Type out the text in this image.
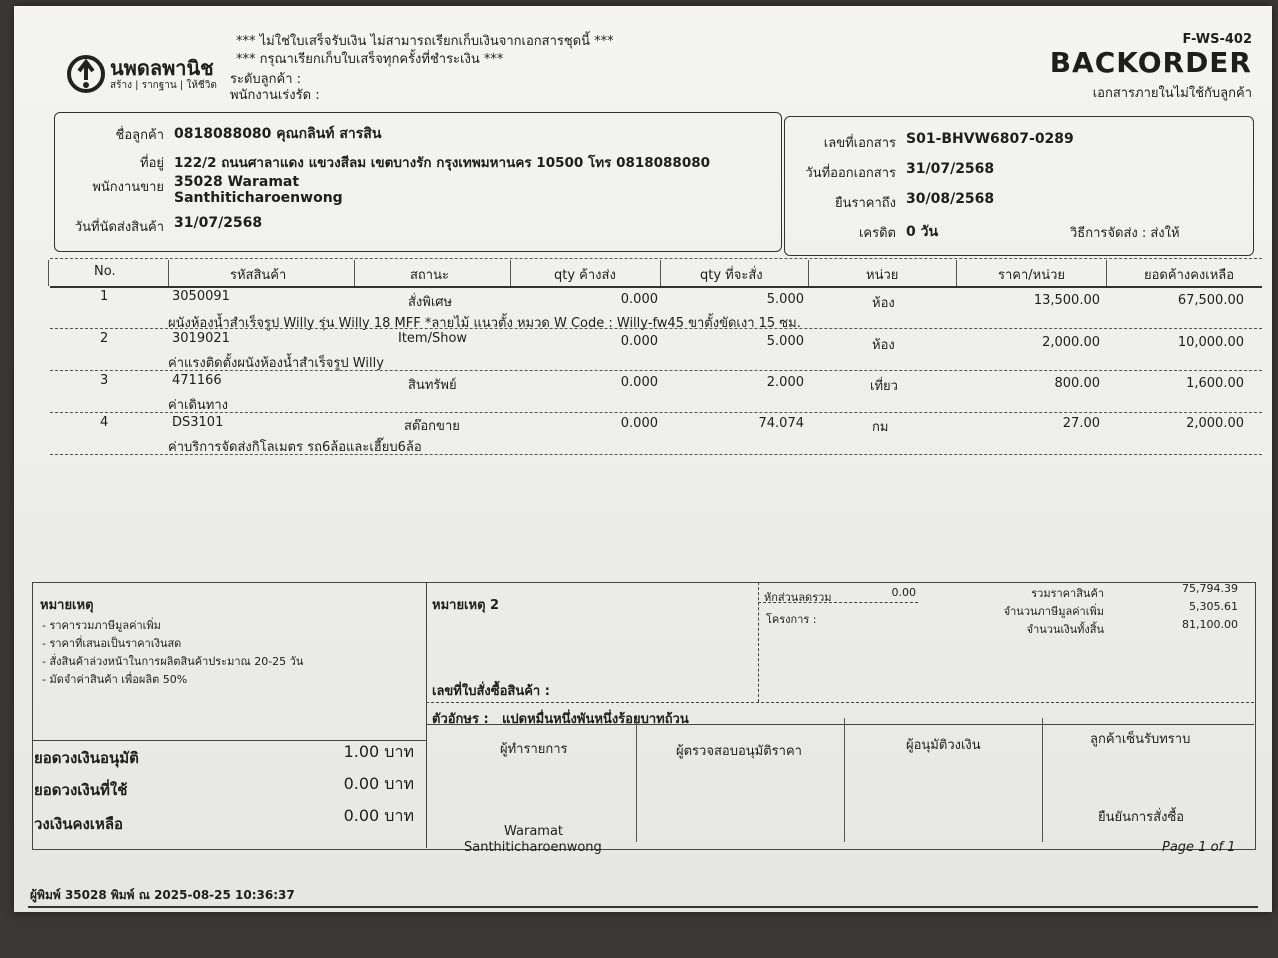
นพดลพานิช
สร้าง | รากฐาน | ให้ชีวิต
*** ไม่ใช่ใบเสร็จรับเงิน ไม่สามารถเรียกเก็บเงินจากเอกสารชุดนี้ ***
*** กรุณาเรียกเก็บใบเสร็จทุกครั้งที่ชำระเงิน ***
ระดับลูกค้า :
พนักงานเร่งรัด :
F-WS-402
BACKORDER
เอกสารภายในไม่ใช้กับลูกค้า
ชื่อลูกค้า 0818088080 คุณกลินท์ สารสิน
ที่อยู่ 122/2 ถนนศาลาแดง แขวงสีลม เขตบางรัก กรุงเทพมหานคร 10500 โทร 0818088080
พนักงานขาย 35028 Waramat
Santhiticharoenwong
วันที่นัดส่งสินค้า 31/07/2568
เลขที่เอกสาร S01-BHVW6807-0289
วันที่ออกเอกสาร 31/07/2568
ยืนราคาถึง 30/08/2568
เครดิต 0 วัน	วิธีการจัดส่ง : ส่งให้
No.	รหัสสินค้า	สถานะ	qty ค้างส่ง	qty ที่จะสั่ง	หน่วย	ราคา/หน่วย	ยอดค้างคงเหลือ
1	3050091	สั่งพิเศษ	0.000	5.000	ห้อง	13,500.00	67,500.00
ผนังห้องน้ำสำเร็จรูป Willy รุ่น Willy 18 MFF *ลายไม้ แนวตั้ง หมวด W Code : Willy-fw45 ขาตั้งขัดเงา 15 ซม.
2	3019021	Item/Show	0.000	5.000	ห้อง	2,000.00	10,000.00
ค่าแรงติดตั้งผนังห้องน้ำสำเร็จรูป Willy
3	471166	สินทรัพย์	0.000	2.000	เที่ยว	800.00	1,600.00
ค่าเดินทาง
4	DS3101	สต๊อกขาย	0.000	74.074	กม	27.00	2,000.00
ค่าบริการจัดส่งกิโลเมตร รถ6ล้อและเฮี๊ยบ6ล้อ
หมายเหตุ
- ราคารวมภาษีมูลค่าเพิ่ม
- ราคาที่เสนอเป็นราคาเงินสด
- สั่งสินค้าล่วงหน้าในการผลิตสินค้าประมาณ 20-25 วัน
- มัดจำค่าสินค้า เพื่อผลิต 50%
หมายเหตุ 2
เลขที่ใบสั่งซื้อสินค้า :
หักส่วนลดรวม	0.00
โครงการ :
รวมราคาสินค้า	75,794.39
จำนวนภาษีมูลค่าเพิ่ม	5,305.61
จำนวนเงินทั้งสิ้น	81,100.00
ตัวอักษร : แปดหมื่นหนึ่งพันหนึ่งร้อยบาทถ้วน
ยอดวงเงินอนุมัติ	1.00 บาท
ยอดวงเงินที่ใช้	0.00 บาท
วงเงินคงเหลือ	0.00 บาท
ผู้ทำรายการ	ผู้ตรวจสอบอนุมัติราคา	ผู้อนุมัติวงเงิน	ลูกค้าเซ็นรับทราบ
Waramat
Santhiticharoenwong
ยืนยันการสั่งซื้อ
Page 1 of 1
ผู้พิมพ์ 35028 พิมพ์ ณ 2025-08-25 10:36:37
